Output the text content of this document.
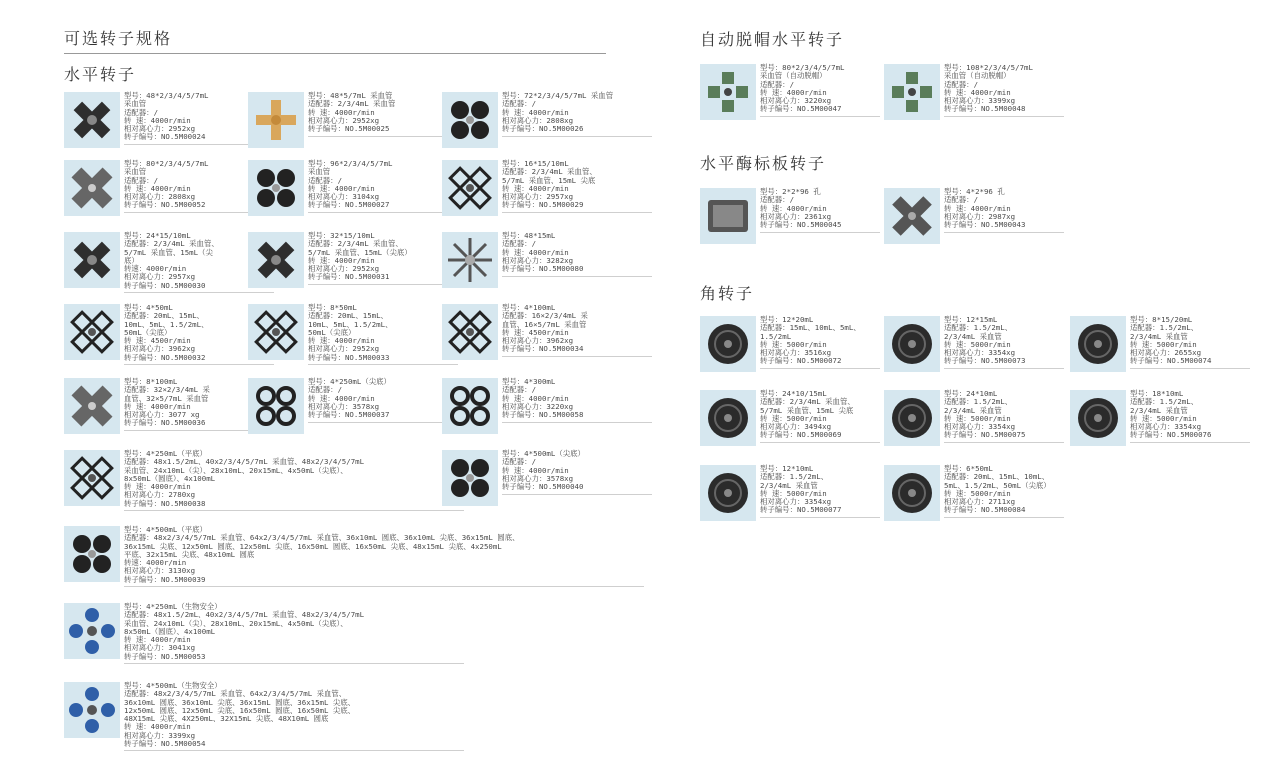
可选转子规格
水平转子
型号：48*2/3/4/5/7mL
采血管
适配器：/
转 速：4000r/min
相对离心力：2952xg
转子编号：NO.5M00024
型号：48*5/7mL 采血管
适配器：2/3/4mL 采血管
转 速：4000r/min
相对离心力：2952xg
转子编号：NO.5M00025
型号：72*2/3/4/5/7mL 采血管
适配器：/
转 速：4000r/min
相对离心力：2808xg
转子编号：NO.5M00026
型号：80*2/3/4/5/7mL
采血管
适配器：/
转 速：4000r/min
相对离心力：2808xg
转子编号：NO.5M00052
型号：96*2/3/4/5/7mL
采血管
适配器：/
转 速：4000r/min
相对离心力：3104xg
转子编号：NO.5M00027
型号：16*15/10mL
适配器：2/3/4mL 采血管、
5/7mL 采血管、15mL 尖底
转 速：4000r/min
相对离心力：2957xg
转子编号：NO.5M00029
型号：24*15/10mL
适配器：2/3/4mL 采血管、
5/7mL 采血管、15mL（尖
底）
转速：4000r/min
相对离心力：2957xg
转子编号：NO.5M00030
型号：32*15/10mL
适配器：2/3/4mL 采血管、
5/7mL 采血管、15mL（尖底）
转 速：4000r/min
相对离心力：2952xg
转子编号：NO.5M00031
型号：48*15mL
适配器：/
转 速：4000r/min
相对离心力：3282xg
转子编号：NO.5M00080
型号：4*50mL
适配器：20mL、15mL、
10mL、5mL、1.5/2mL、
50mL（尖底）
转 速：4500r/min
相对离心力：3962xg
转子编号：NO.5M00032
型号：8*50mL
适配器：20mL、15mL、
10mL、5mL、1.5/2mL、
50mL（尖底）
转 速：4000r/min
相对离心力：2952xg
转子编号：NO.5M00033
型号：4*100mL
适配器：16×2/3/4mL 采
血管、16×5/7mL 采血管
转 速：4500r/min
相对离心力：3962xg
转子编号：NO.5M00034
型号：8*100mL
适配器：32×2/3/4mL 采
血管、32×5/7mL 采血管
转 速：4000r/min
相对离心力：3077 xg
转子编号：NO.5M00036
型号：4*250mL（尖底）
适配器：/
转 速：4000r/min
相对离心力：3578xg
转子编号：NO.5M00037
型号：4*300mL
适配器：/
转 速：4000r/min
相对离心力：3220xg
转子编号：NO.5M00058
型号：4*250mL（平底）
适配器：48x1.5/2mL、40x2/3/4/5/7mL 采血管、48x2/3/4/5/7mL
采血管、24x10mL（尖）、28x10mL、20x15mL、4x50mL（尖底）、
8x50mL（圆底）、4x100mL
转 速：4000r/min
相对离心力：2780xg
转子编号：NO.5M00038
型号：4*500mL（尖底）
适配器：/
转 速：4000r/min
相对离心力：3578xg
转子编号：NO.5M00040
型号：4*500mL（平底）
适配器：48x2/3/4/5/7mL 采血管、64x2/3/4/5/7mL 采血管、36x10mL 圆底、36x10mL 尖底、36x15mL 圆底、
36x15mL 尖底、12x50mL 圆底、12x50mL 尖底、16x50mL 圆底、16x50mL 尖底、48x15mL 尖底、4x250mL
平底、32x15mL 尖底、48x10mL 圆底
转速：4000r/min
相对离心力：3130xg
转子编号：NO.5M00039
型号：4*250mL（生物安全）
适配器：48x1.5/2mL、40x2/3/4/5/7mL 采血管、48x2/3/4/5/7mL
采血管、24x10mL（尖）、28x10mL、20x15mL、4x50mL（尖底）、
8x50mL（圆底）、4x100mL
转 速：4000r/min
相对离心力：3041xg
转子编号：NO.5M00053
型号：4*500mL（生物安全）
适配器：48x2/3/4/5/7mL 采血管、64x2/3/4/5/7mL 采血管、
36x10mL 圆底、36x10mL 尖底、36x15mL 圆底、36x15mL 尖底、
12x50mL 圆底、12x50mL 尖底、16x50mL 圆底、16x50mL 尖底、
48X15mL 尖底、4X250mL、32X15mL 尖底、48X10mL 圆底
转 速：4000r/min
相对离心力：3399xg
转子编号：NO.5M00054
自动脱帽水平转子
水平酶标板转子
角转子
型号：80*2/3/4/5/7mL
采血管（自动脱帽）
适配器：/
转 速：4000r/min
相对离心力：3220xg
转子编号：NO.5M00047
型号：108*2/3/4/5/7mL
采血管（自动脱帽）
适配器：/
转 速：4000r/min
相对离心力：3399xg
转子编号：NO.5M00048
型号：2*2*96 孔
适配器：/
转 速：4000r/min
相对离心力：2361xg
转子编号：NO.5M00045
型号：4*2*96 孔
适配器：/
转 速：4000r/min
相对离心力：2987xg
转子编号：NO.5M00043
型号：12*20mL
适配器：15mL、10mL、5mL、
1.5/2mL
转 速：5000r/min
相对离心力：3516xg
转子编号：NO.5M00072
型号：12*15mL
适配器：1.5/2mL、
2/3/4mL 采血管
转 速：5000r/min
相对离心力：3354xg
转子编号：NO.5M00073
型号：8*15/20mL
适配器：1.5/2mL、
2/3/4mL 采血管
转 速：5000r/min
相对离心力：2655xg
转子编号：NO.5M00074
型号：24*10/15mL
适配器：2/3/4mL 采血管、
5/7mL 采血管、15mL 尖底
转 速：5000r/min
相对离心力：3494xg
转子编号：NO.5M00069
型号：24*10mL
适配器：1.5/2mL、
2/3/4mL 采血管
转 速：5000r/min
相对离心力：3354xg
转子编号：NO.5M00075
型号：18*10mL
适配器：1.5/2mL、
2/3/4mL 采血管
转 速：5000r/min
相对离心力：3354xg
转子编号：NO.5M00076
型号：12*10mL
适配器：1.5/2mL、
2/3/4mL 采血管
转 速：5000r/min
相对离心力：3354xg
转子编号：NO.5M00077
型号：6*50mL
适配器：20mL、15mL、10mL、
5mL、1.5/2mL、50mL（尖底）
转 速：5000r/min
相对离心力：2711xg
转子编号：NO.5M00084
